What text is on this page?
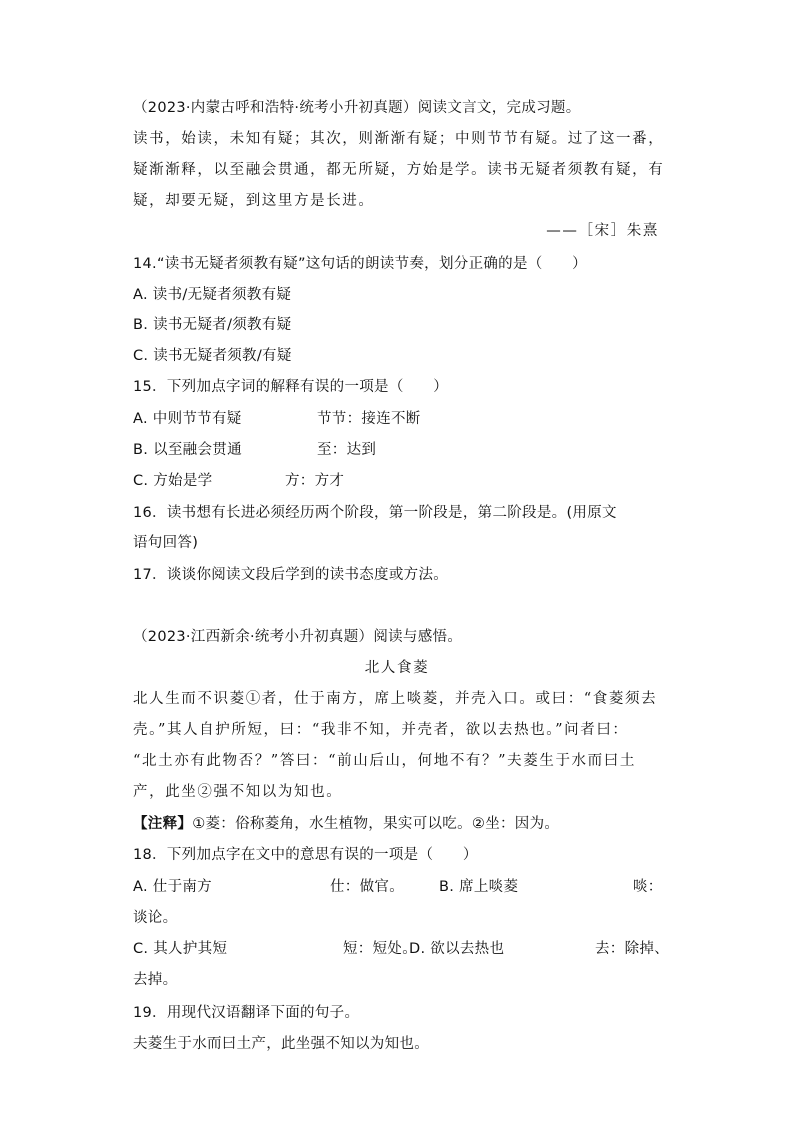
（2023·内蒙古呼和浩特·统考小升初真题）阅读文言文，完成习题。
读书，始读，未知有疑；其次，则渐渐有疑；中则节节有疑。过了这一番，
疑渐渐释，以至融会贯通，都无所疑，方始是学。读书无疑者须教有疑，有
疑，却要无疑，到这里方是长进。
——［宋］朱熹
14.“读书无疑者须教有疑”这句话的朗读节奏，划分正确的是（　　）
A. 读书/无疑者须教有疑
B. 读书无疑者/须教有疑
C. 读书无疑者须教/有疑
15．下列加点字词的解释有误的一项是（　　）
A. 中则节节有疑	节节：接连不断
B. 以至融会贯通	至：达到
C. 方始是学	方：方才
16．读书想有长进必须经历两个阶段，第一阶段是，第二阶段是。(用原文
语句回答)
17．谈谈你阅读文段后学到的读书态度或方法。
（2023·江西新余·统考小升初真题）阅读与感悟。
北人食菱
北人生而不识菱①者，仕于南方，席上啖菱，并壳入口。或曰：“食菱须去
壳。”其人自护所短，曰：“我非不知，并壳者，欲以去热也。”问者曰：
“北土亦有此物否？”答曰：“前山后山，何地不有？”夫菱生于水而曰土
产，此坐②强不知以为知也。
【注释】①菱：俗称菱角，水生植物，果实可以吃。②坐：因为。
18．下列加点字在文中的意思有误的一项是（　　）
A. 仕于南方	仕：做官。 B. 席上啖菱	啖：
谈论。
C. 其人护其短	短：短处。
D. 欲以去热也	去：除掉、
去掉。
19．用现代汉语翻译下面的句子。
夫菱生于水而曰土产，此坐强不知以为知也。
